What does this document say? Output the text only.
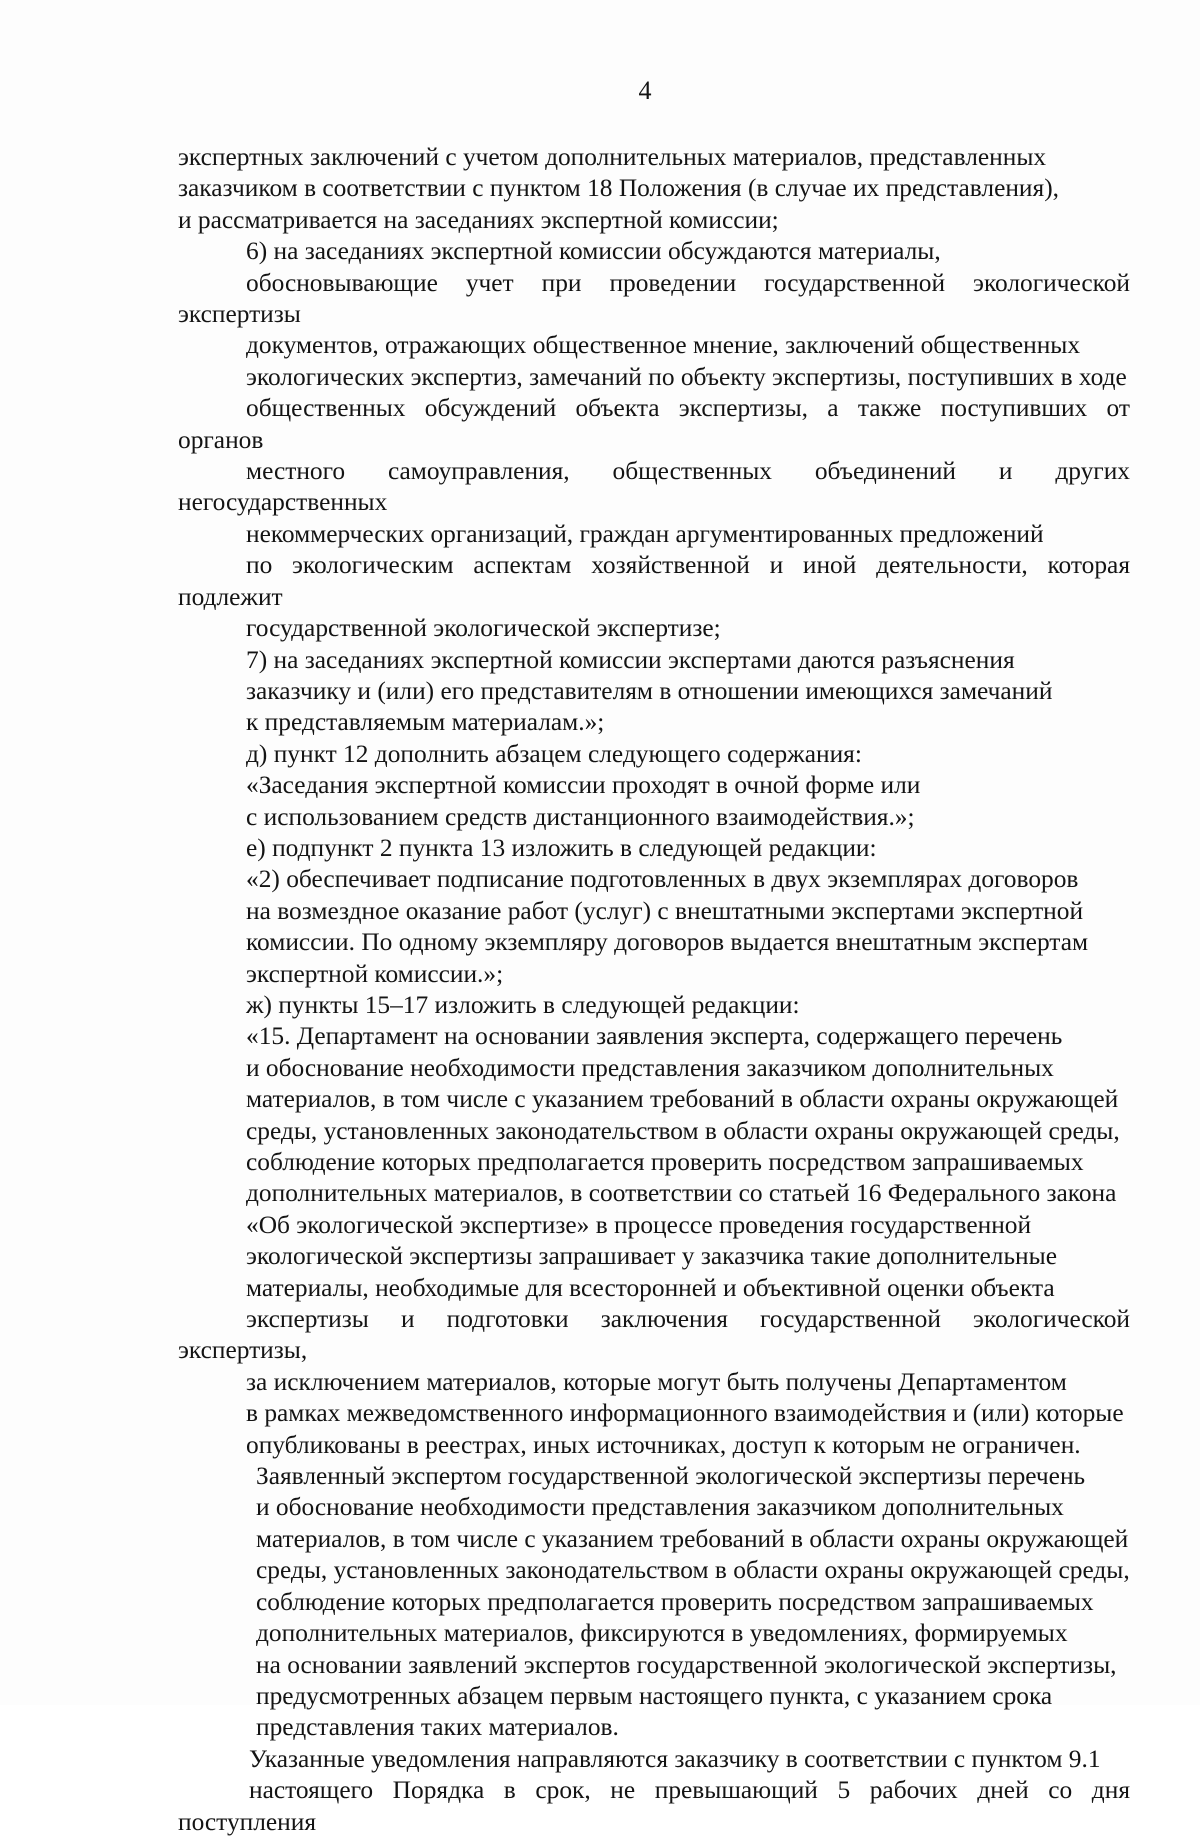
4

экспертных заключений с учетом дополнительных материалов, представленных
заказчиком в соответствии с пунктом 18 Положения (в случае их представления),
и рассматривается на заседаниях экспертной комиссии;

6) на заседаниях экспертной комиссии обсуждаются материалы,
обосновывающие учет при проведении государственной экологической экспертизы
документов, отражающих общественное мнение, заключений общественных
экологических экспертиз, замечаний по объекту экспертизы, поступивших в ходе
общественных обсуждений объекта экспертизы, а также поступивших от органов
местного самоуправления, общественных объединений и других негосударственных
некоммерческих организаций, граждан аргументированных предложений
по экологическим аспектам хозяйственной и иной деятельности, которая подлежит
государственной экологической экспертизе;

7) на заседаниях экспертной комиссии экспертами даются разъяснения
заказчику и (или) его представителям в отношении имеющихся замечаний
к представляемым материалам.»;

д) пункт 12 дополнить абзацем следующего содержания:

«Заседания экспертной комиссии проходят в очной форме или
с использованием средств дистанционного взаимодействия.»;

е) подпункт 2 пункта 13 изложить в следующей редакции:

«2) обеспечивает подписание подготовленных в двух экземплярах договоров
на возмездное оказание работ (услуг) с внештатными экспертами экспертной
комиссии. По одному экземпляру договоров выдается внештатным экспертам
экспертной комиссии.»;

ж) пункты 15–17 изложить в следующей редакции:

«15. Департамент на основании заявления эксперта, содержащего перечень
и обоснование необходимости представления заказчиком дополнительных
материалов, в том числе с указанием требований в области охраны окружающей
среды, установленных законодательством в области охраны окружающей среды,
соблюдение которых предполагается проверить посредством запрашиваемых
дополнительных материалов, в соответствии со статьей 16 Федерального закона
«Об экологической экспертизе» в процессе проведения государственной
экологической экспертизы запрашивает у заказчика такие дополнительные
материалы, необходимые для всесторонней и объективной оценки объекта
экспертизы и подготовки заключения государственной экологической экспертизы,
за исключением материалов, которые могут быть получены Департаментом
в рамках межведомственного информационного взаимодействия и (или) которые
опубликованы в реестрах, иных источниках, доступ к которым не ограничен.

Заявленный экспертом государственной экологической экспертизы перечень
и обоснование необходимости представления заказчиком дополнительных
материалов, в том числе с указанием требований в области охраны окружающей
среды, установленных законодательством в области охраны окружающей среды,
соблюдение которых предполагается проверить посредством запрашиваемых
дополнительных материалов, фиксируются в уведомлениях, формируемых
на основании заявлений экспертов государственной экологической экспертизы,
предусмотренных абзацем первым настоящего пункта, с указанием срока
представления таких материалов.

Указанные уведомления направляются заказчику в соответствии с пунктом 9.1
настоящего Порядка в срок, не превышающий 5 рабочих дней со дня поступления
